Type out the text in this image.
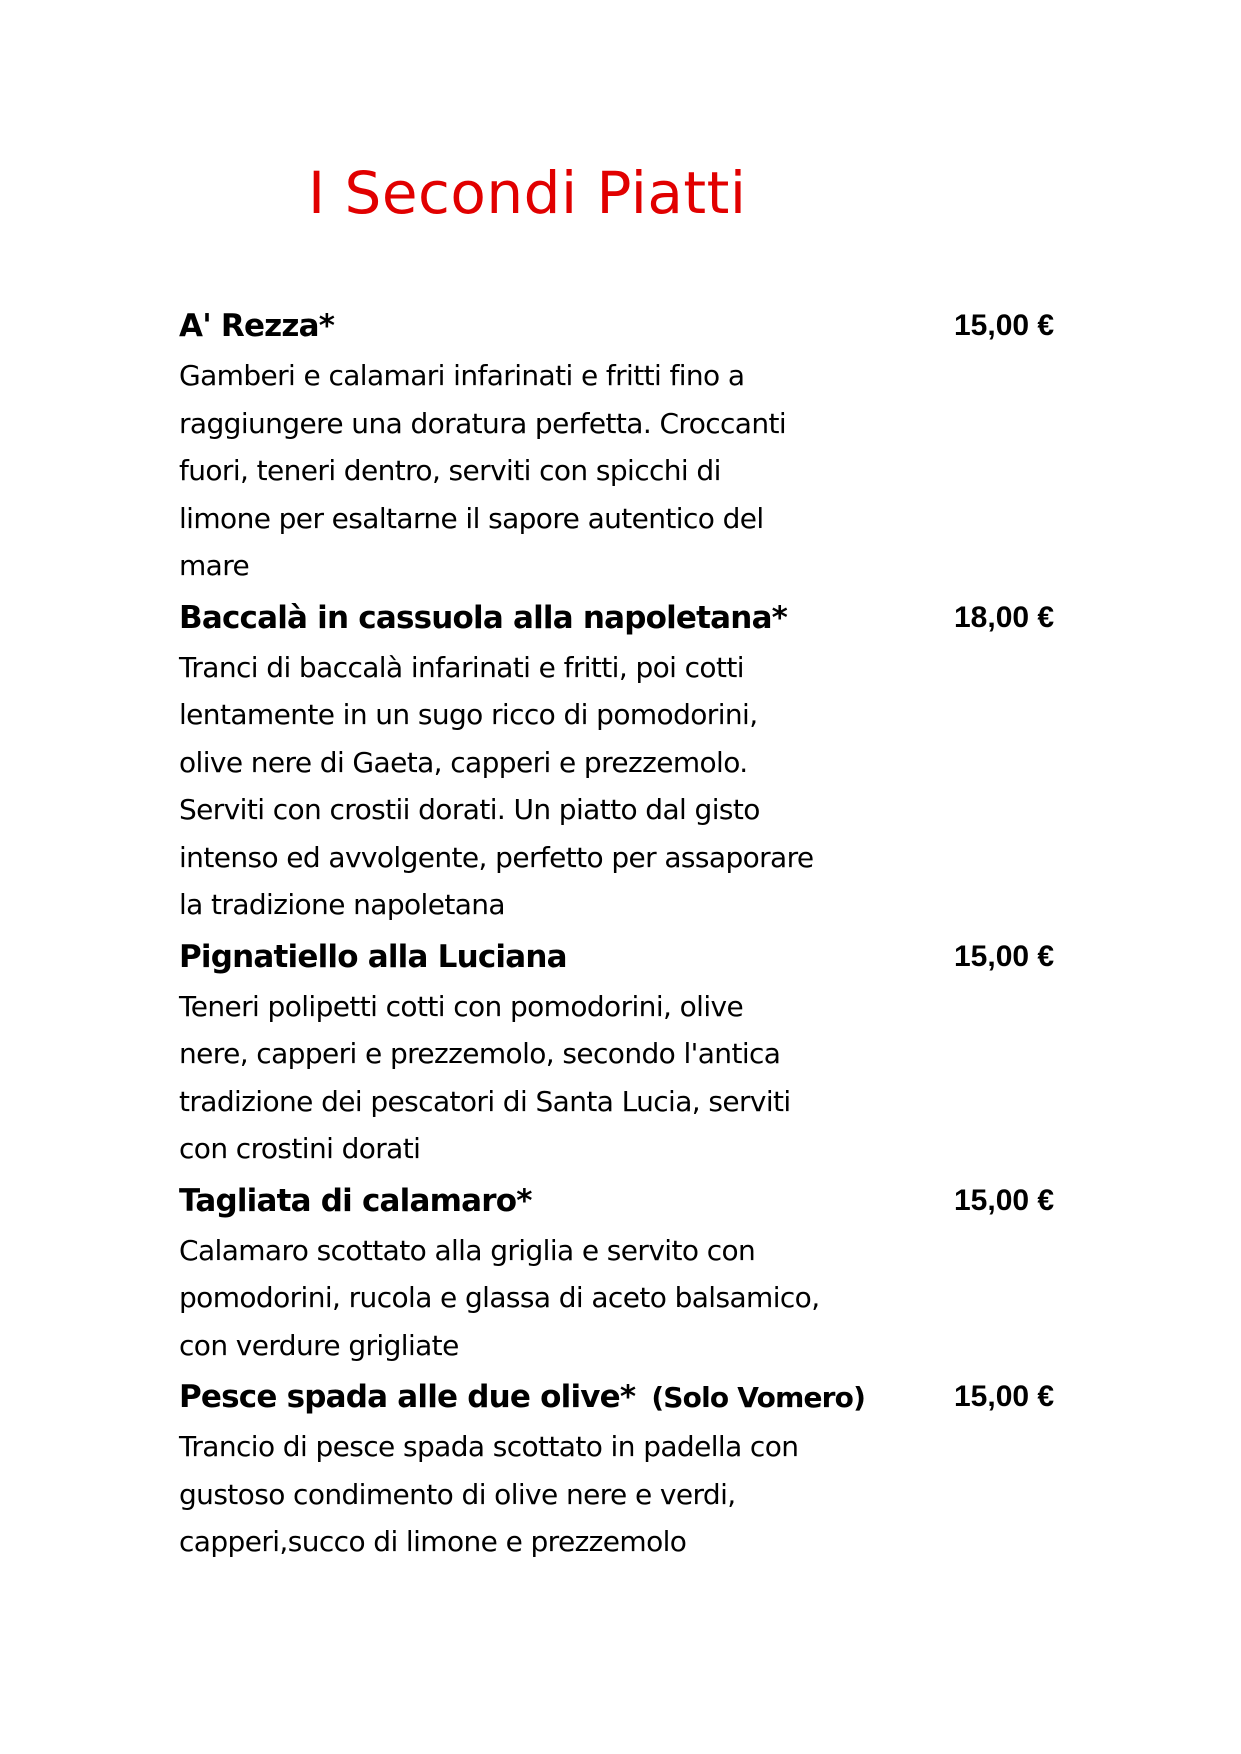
I Secondi Piatti
A' Rezza*	15,00 €

Gamberi e calamari infarinati e fritti fino a
raggiungere una doratura perfetta. Croccanti
fuori, teneri dentro, serviti con spicchi di
limone per esaltarne il sapore autentico del
mare

Baccalà in cassuola alla napoletana*	18,00 €

Tranci di baccalà infarinati e fritti, poi cotti
lentamente in un sugo ricco di pomodorini,
olive nere di Gaeta, capperi e prezzemolo.
Serviti con crostii dorati. Un piatto dal gisto
intenso ed avvolgente, perfetto per assaporare
la tradizione napoletana

Pignatiello alla Luciana	15,00 €

Teneri polipetti cotti con pomodorini, olive
nere, capperi e prezzemolo, secondo l'antica
tradizione dei pescatori di Santa Lucia, serviti
con crostini dorati

Tagliata di calamaro*	15,00 €

Calamaro scottato alla griglia e servito con
pomodorini, rucola e glassa di aceto balsamico,
con verdure grigliate

Pesce spada alle due olive* (Solo Vomero)	15,00 €

Trancio di pesce spada scottato in padella con
gustoso condimento di olive nere e verdi,
capperi,succo di limone e prezzemolo
